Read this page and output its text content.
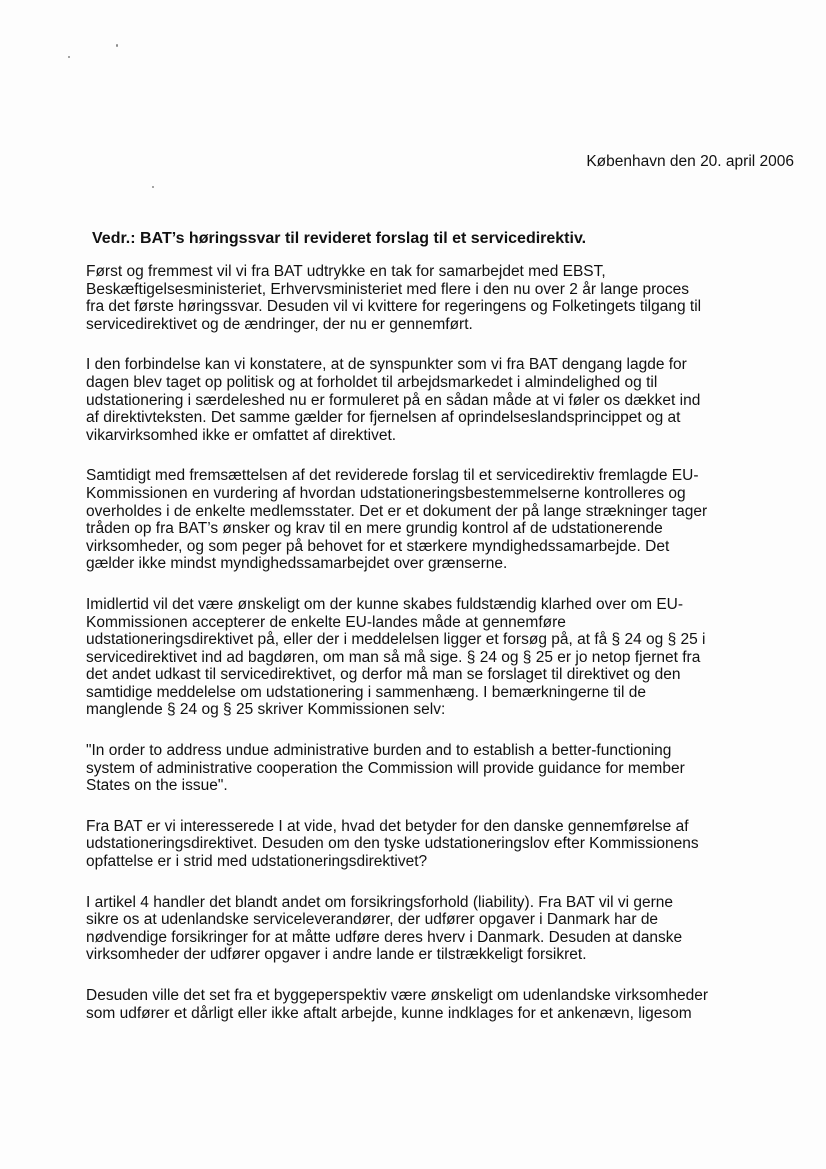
København den 20. april 2006
Vedr.: BAT’s høringssvar til revideret forslag til et servicedirektiv.

Først og fremmest vil vi fra BAT udtrykke en tak for samarbejdet med EBST,
Beskæftigelsesministeriet, Erhvervsministeriet med flere i den nu over 2 år lange proces
fra det første høringssvar. Desuden vil vi kvittere for regeringens og Folketingets tilgang til
servicedirektivet og de ændringer, der nu er gennemført.

I den forbindelse kan vi konstatere, at de synspunkter som vi fra BAT dengang lagde for
dagen blev taget op politisk og at forholdet til arbejdsmarkedet i almindelighed og til
udstationering i særdeleshed nu er formuleret på en sådan måde at vi føler os dækket ind
af direktivteksten. Det samme gælder for fjernelsen af oprindelseslandsprincippet og at
vikarvirksomhed ikke er omfattet af direktivet.

Samtidigt med fremsættelsen af det reviderede forslag til et servicedirektiv fremlagde EU-
Kommissionen en vurdering af hvordan udstationeringsbestemmelserne kontrolleres og
overholdes i de enkelte medlemsstater. Det er et dokument der på lange strækninger tager
tråden op fra BAT’s ønsker og krav til en mere grundig kontrol af de udstationerende
virksomheder, og som peger på behovet for et stærkere myndighedssamarbejde. Det
gælder ikke mindst myndighedssamarbejdet over grænserne.

Imidlertid vil det være ønskeligt om der kunne skabes fuldstændig klarhed over om EU-
Kommissionen accepterer de enkelte EU-landes måde at gennemføre
udstationeringsdirektivet på, eller der i meddelelsen ligger et forsøg på, at få § 24 og § 25 i
servicedirektivet ind ad bagdøren, om man så må sige. § 24 og § 25 er jo netop fjernet fra
det andet udkast til servicedirektivet, og derfor må man se forslaget til direktivet og den
samtidige meddelelse om udstationering i sammenhæng. I bemærkningerne til de
manglende § 24 og § 25 skriver Kommissionen selv:

"In order to address undue administrative burden and to establish a better-functioning
system of administrative cooperation the Commission will provide guidance for member
States on the issue".

Fra BAT er vi interesserede I at vide, hvad det betyder for den danske gennemførelse af
udstationeringsdirektivet. Desuden om den tyske udstationeringslov efter Kommissionens
opfattelse er i strid med udstationeringsdirektivet?

I artikel 4 handler det blandt andet om forsikringsforhold (liability). Fra BAT vil vi gerne
sikre os at udenlandske serviceleverandører, der udfører opgaver i Danmark har de
nødvendige forsikringer for at måtte udføre deres hverv i Danmark. Desuden at danske
virksomheder der udfører opgaver i andre lande er tilstrækkeligt forsikret.

Desuden ville det set fra et byggeperspektiv være ønskeligt om udenlandske virksomheder
som udfører et dårligt eller ikke aftalt arbejde, kunne indklages for et ankenævn, ligesom
